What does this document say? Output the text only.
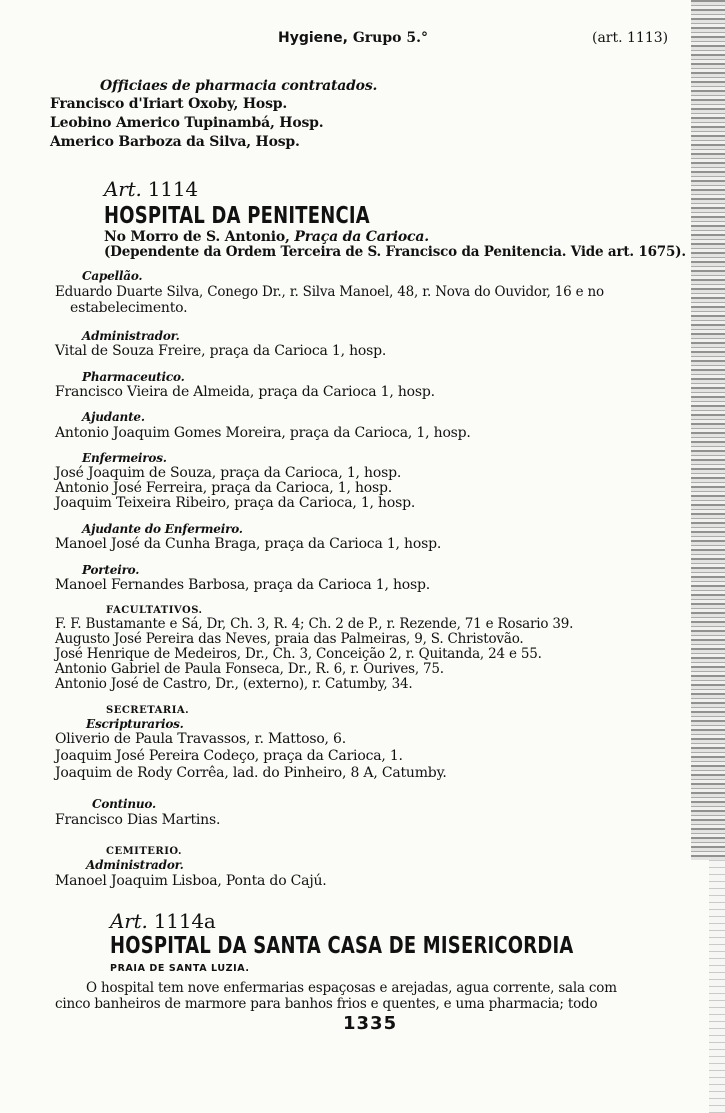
Hygiene, Grupo 5.°	(art. 1113)
Officiaes de pharmacia contratados.
Francisco d'Iriart Oxoby, Hosp.
Leobino Americo Tupinambá, Hosp.
Americo Barboza da Silva, Hosp.
Art. 1114
HOSPITAL DA PENITENCIA
No Morro de S. Antonio, Praça da Carioca.
(Dependente da Ordem Terceira de S. Francisco da Penitencia. Vide art. 1675).
Capellão.
Eduardo Duarte Silva, Conego Dr., r. Silva Manoel, 48, r. Nova do Ouvidor, 16 e no
estabelecimento.
Administrador.
Vital de Souza Freire, praça da Carioca 1, hosp.
Pharmaceutico.
Francisco Vieira de Almeida, praça da Carioca 1, hosp.
Ajudante.
Antonio Joaquim Gomes Moreira, praça da Carioca, 1, hosp.
Enfermeiros.
José Joaquim de Souza, praça da Carioca, 1, hosp.
Antonio José Ferreira, praça da Carioca, 1, hosp.
Joaquim Teixeira Ribeiro, praça da Carioca, 1, hosp.
Ajudante do Enfermeiro.
Manoel José da Cunha Braga, praça da Carioca 1, hosp.
Porteiro.
Manoel Fernandes Barbosa, praça da Carioca 1, hosp.
FACULTATIVOS.
F. F. Bustamante e Sá, Dr, Ch. 3, R. 4; Ch. 2 de P., r. Rezende, 71 e Rosario 39.
Augusto José Pereira das Neves, praia das Palmeiras, 9, S. Christovão.
José Henrique de Medeiros, Dr., Ch. 3, Conceição 2, r. Quitanda, 24 e 55.
Antonio Gabriel de Paula Fonseca, Dr., R. 6, r. Ourives, 75.
Antonio José de Castro, Dr., (externo), r. Catumby, 34.
SECRETARIA.
Escripturarios.
Oliverio de Paula Travassos, r. Mattoso, 6.
Joaquim José Pereira Codeço, praça da Carioca, 1.
Joaquim de Rody Corrêa, lad. do Pinheiro, 8 A, Catumby.
Continuo.
Francisco Dias Martins.
CEMITERIO.
Administrador.
Manoel Joaquim Lisboa, Ponta do Cajú.
Art. 1114a
HOSPITAL DA SANTA CASA DE MISERICORDIA
PRAIA DE SANTA LUZIA.
O hospital tem nove enfermarias espaçosas e arejadas, agua corrente, sala com
cinco banheiros de marmore para banhos frios e quentes, e uma pharmacia; todo
1335
